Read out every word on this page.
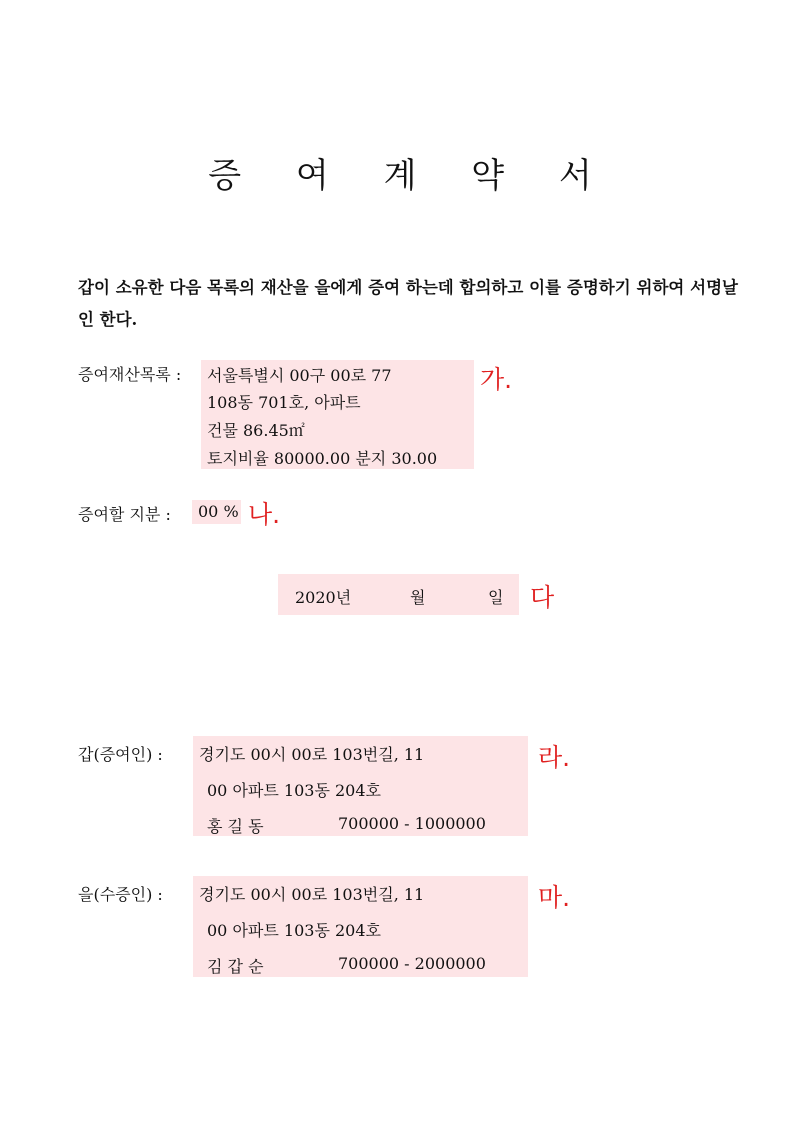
증 여 계 약 서
갑이 소유한 다음 목록의 재산을 을에게 증여 하는데 합의하고 이를 증명하기 위하여 서명날인 한다.
증여재산목록 : 서울특별시 00구 00로 77
108동 701호, 아파트
건물 86.45㎡
토지비율 80000.00 분지 30.00
가.
증여할 지분 :	00 % 나.
2020년	월	일 다
갑(증여인) : 경기도 00시 00로 103번길, 11
00 아파트 103동 204호
홍 길 동	700000 - 1000000
라.
을(수증인) : 경기도 00시 00로 103번길, 11
00 아파트 103동 204호
김 갑 순	700000 - 2000000
마.
